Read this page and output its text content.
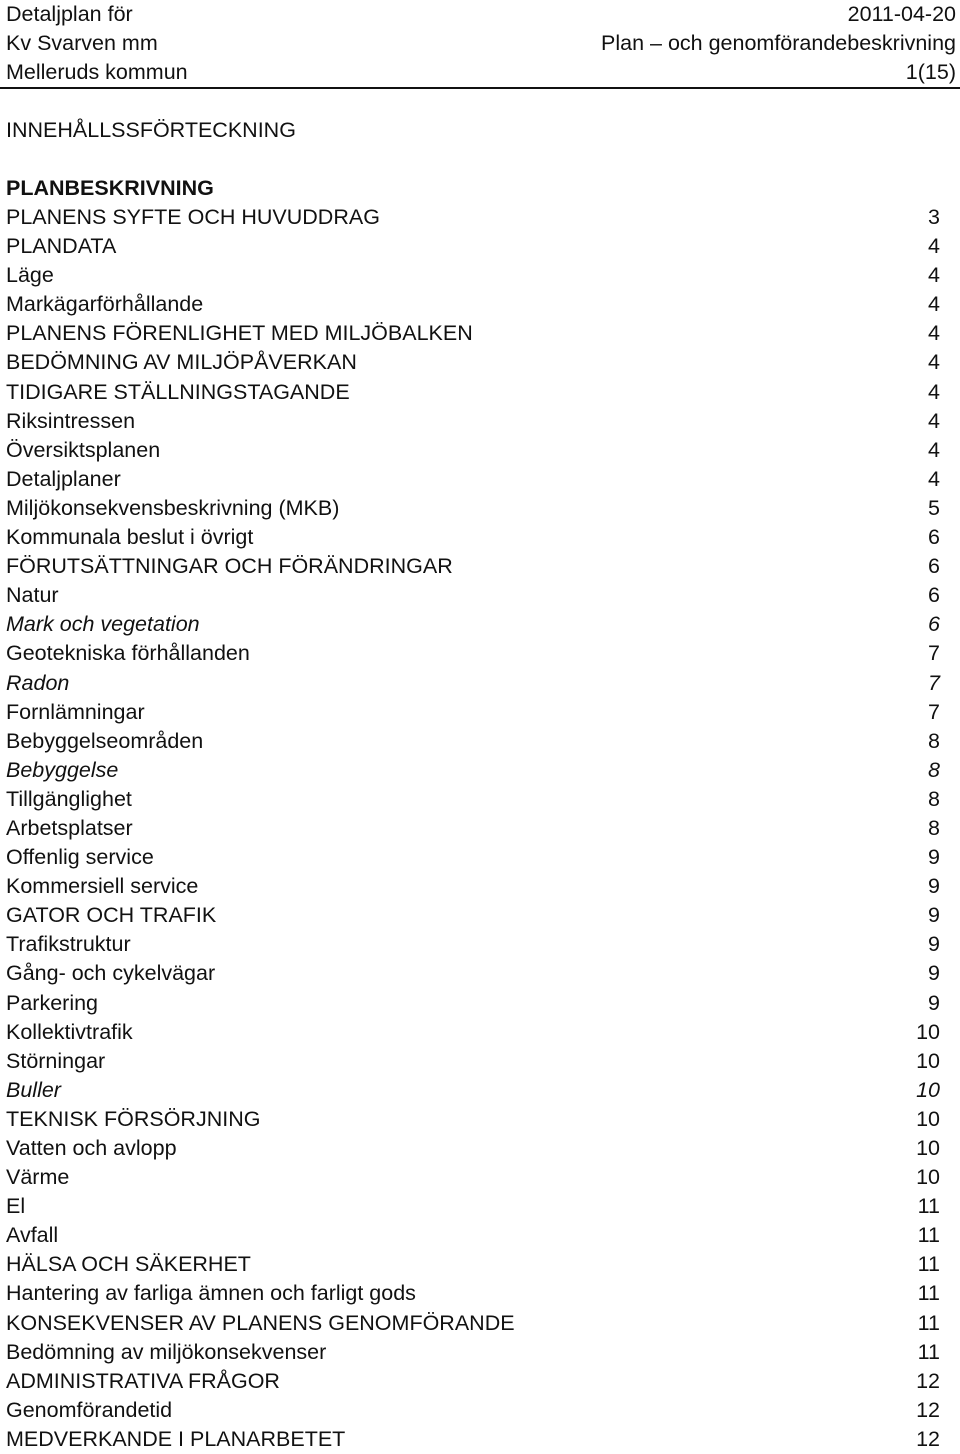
Detaljplan för	2011-04-20
Kv Svarven mm	Plan – och genomförandebeskrivning
Melleruds kommun	1(15)
INNEHÅLLSSFÖRTECKNING
PLANBESKRIVNING
PLANENS SYFTE OCH HUVUDDRAG	3
PLANDATA	4
Läge	4
Markägarförhållande	4
PLANENS FÖRENLIGHET MED MILJÖBALKEN	4
BEDÖMNING AV MILJÖPÅVERKAN	4
TIDIGARE STÄLLNINGSTAGANDE	4
Riksintressen	4
Översiktsplanen	4
Detaljplaner	4
Miljökonsekvensbeskrivning (MKB)	5
Kommunala beslut i övrigt	6
FÖRUTSÄTTNINGAR OCH FÖRÄNDRINGAR	6
Natur	6
Mark och vegetation	6
Geotekniska förhållanden	7
Radon	7
Fornlämningar	7
Bebyggelseområden	8
Bebyggelse	8
Tillgänglighet	8
Arbetsplatser	8
Offenlig service	9
Kommersiell service	9
GATOR OCH TRAFIK	9
Trafikstruktur	9
Gång- och cykelvägar	9
Parkering	9
Kollektivtrafik	10
Störningar	10
Buller	10
TEKNISK FÖRSÖRJNING	10
Vatten och avlopp	10
Värme	10
El	11
Avfall	11
HÄLSA OCH SÄKERHET	11
Hantering av farliga ämnen och farligt gods	11
KONSEKVENSER AV PLANENS GENOMFÖRANDE	11
Bedömning av miljökonsekvenser	11
ADMINISTRATIVA FRÅGOR	12
Genomförandetid	12
MEDVERKANDE I PLANARBETET	12
